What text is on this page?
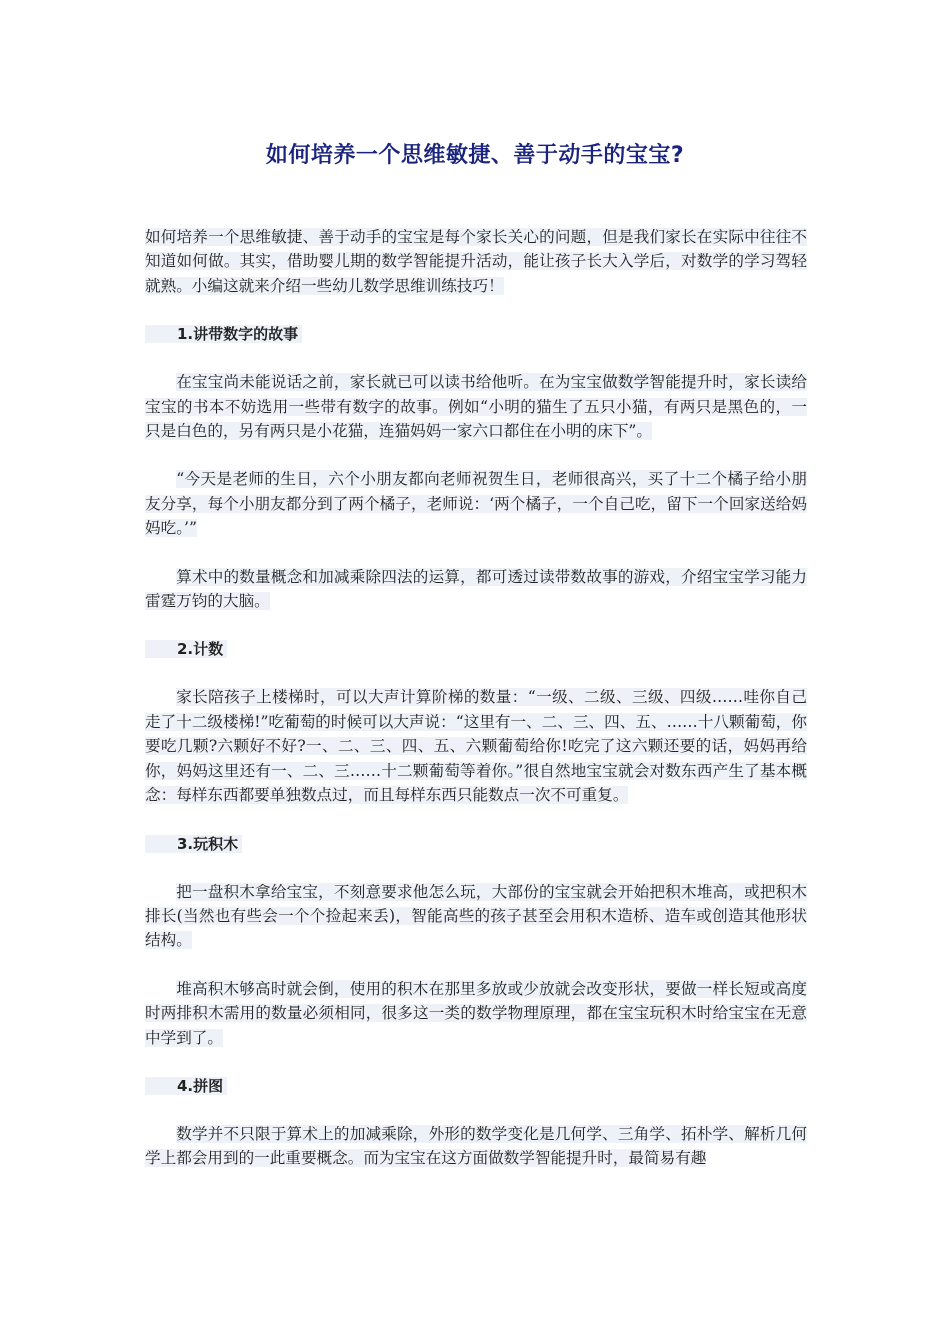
如何培养一个思维敏捷、善于动手的宝宝?

如何培养一个思维敏捷、善于动手的宝宝是每个家长关心的问题，但是我们家长在实际中往往不知道如何做。其实，借助婴儿期的数学智能提升活动，能让孩子长大入学后，对数学的学习驾轻就熟。小编这就来介绍一些幼儿数学思维训练技巧！

1.讲带数字的故事

在宝宝尚未能说话之前，家长就已可以读书给他听。在为宝宝做数学智能提升时，家长读给宝宝的书本不妨选用一些带有数字的故事。例如“小明的猫生了五只小猫，有两只是黑色的，一只是白色的，另有两只是小花猫，连猫妈妈一家六口都住在小明的床下”。

“今天是老师的生日，六个小朋友都向老师祝贺生日，老师很高兴，买了十二个橘子给小朋友分享，每个小朋友都分到了两个橘子，老师说：‘两个橘子，一个自己吃，留下一个回家送给妈妈吃。’”

算术中的数量概念和加减乘除四法的运算，都可透过读带数故事的游戏，介绍宝宝学习能力雷霆万钧的大脑。

2.计数

家长陪孩子上楼梯时，可以大声计算阶梯的数量：“一级、二级、三级、四级……哇你自己走了十二级楼梯!”吃葡萄的时候可以大声说：“这里有一、二、三、四、五、……十八颗葡萄，你要吃几颗?六颗好不好?一、二、三、四、五、六颗葡萄给你!吃完了这六颗还要的话，妈妈再给你，妈妈这里还有一、二、三……十二颗葡萄等着你。”很自然地宝宝就会对数东西产生了基本概念：每样东西都要单独数点过，而且每样东西只能数点一次不可重复。

3.玩积木

把一盘积木拿给宝宝，不刻意要求他怎么玩，大部份的宝宝就会开始把积木堆高，或把积木排长(当然也有些会一个个捡起来丢)，智能高些的孩子甚至会用积木造桥、造车或创造其他形状结构。

堆高积木够高时就会倒，使用的积木在那里多放或少放就会改变形状，要做一样长短或高度时两排积木需用的数量必须相同，很多这一类的数学物理原理，都在宝宝玩积木时给宝宝在无意中学到了。

4.拼图

数学并不只限于算术上的加减乘除，外形的数学变化是几何学、三角学、拓朴学、解析几何学上都会用到的一此重要概念。而为宝宝在这方面做数学智能提升时，最简易有趣
